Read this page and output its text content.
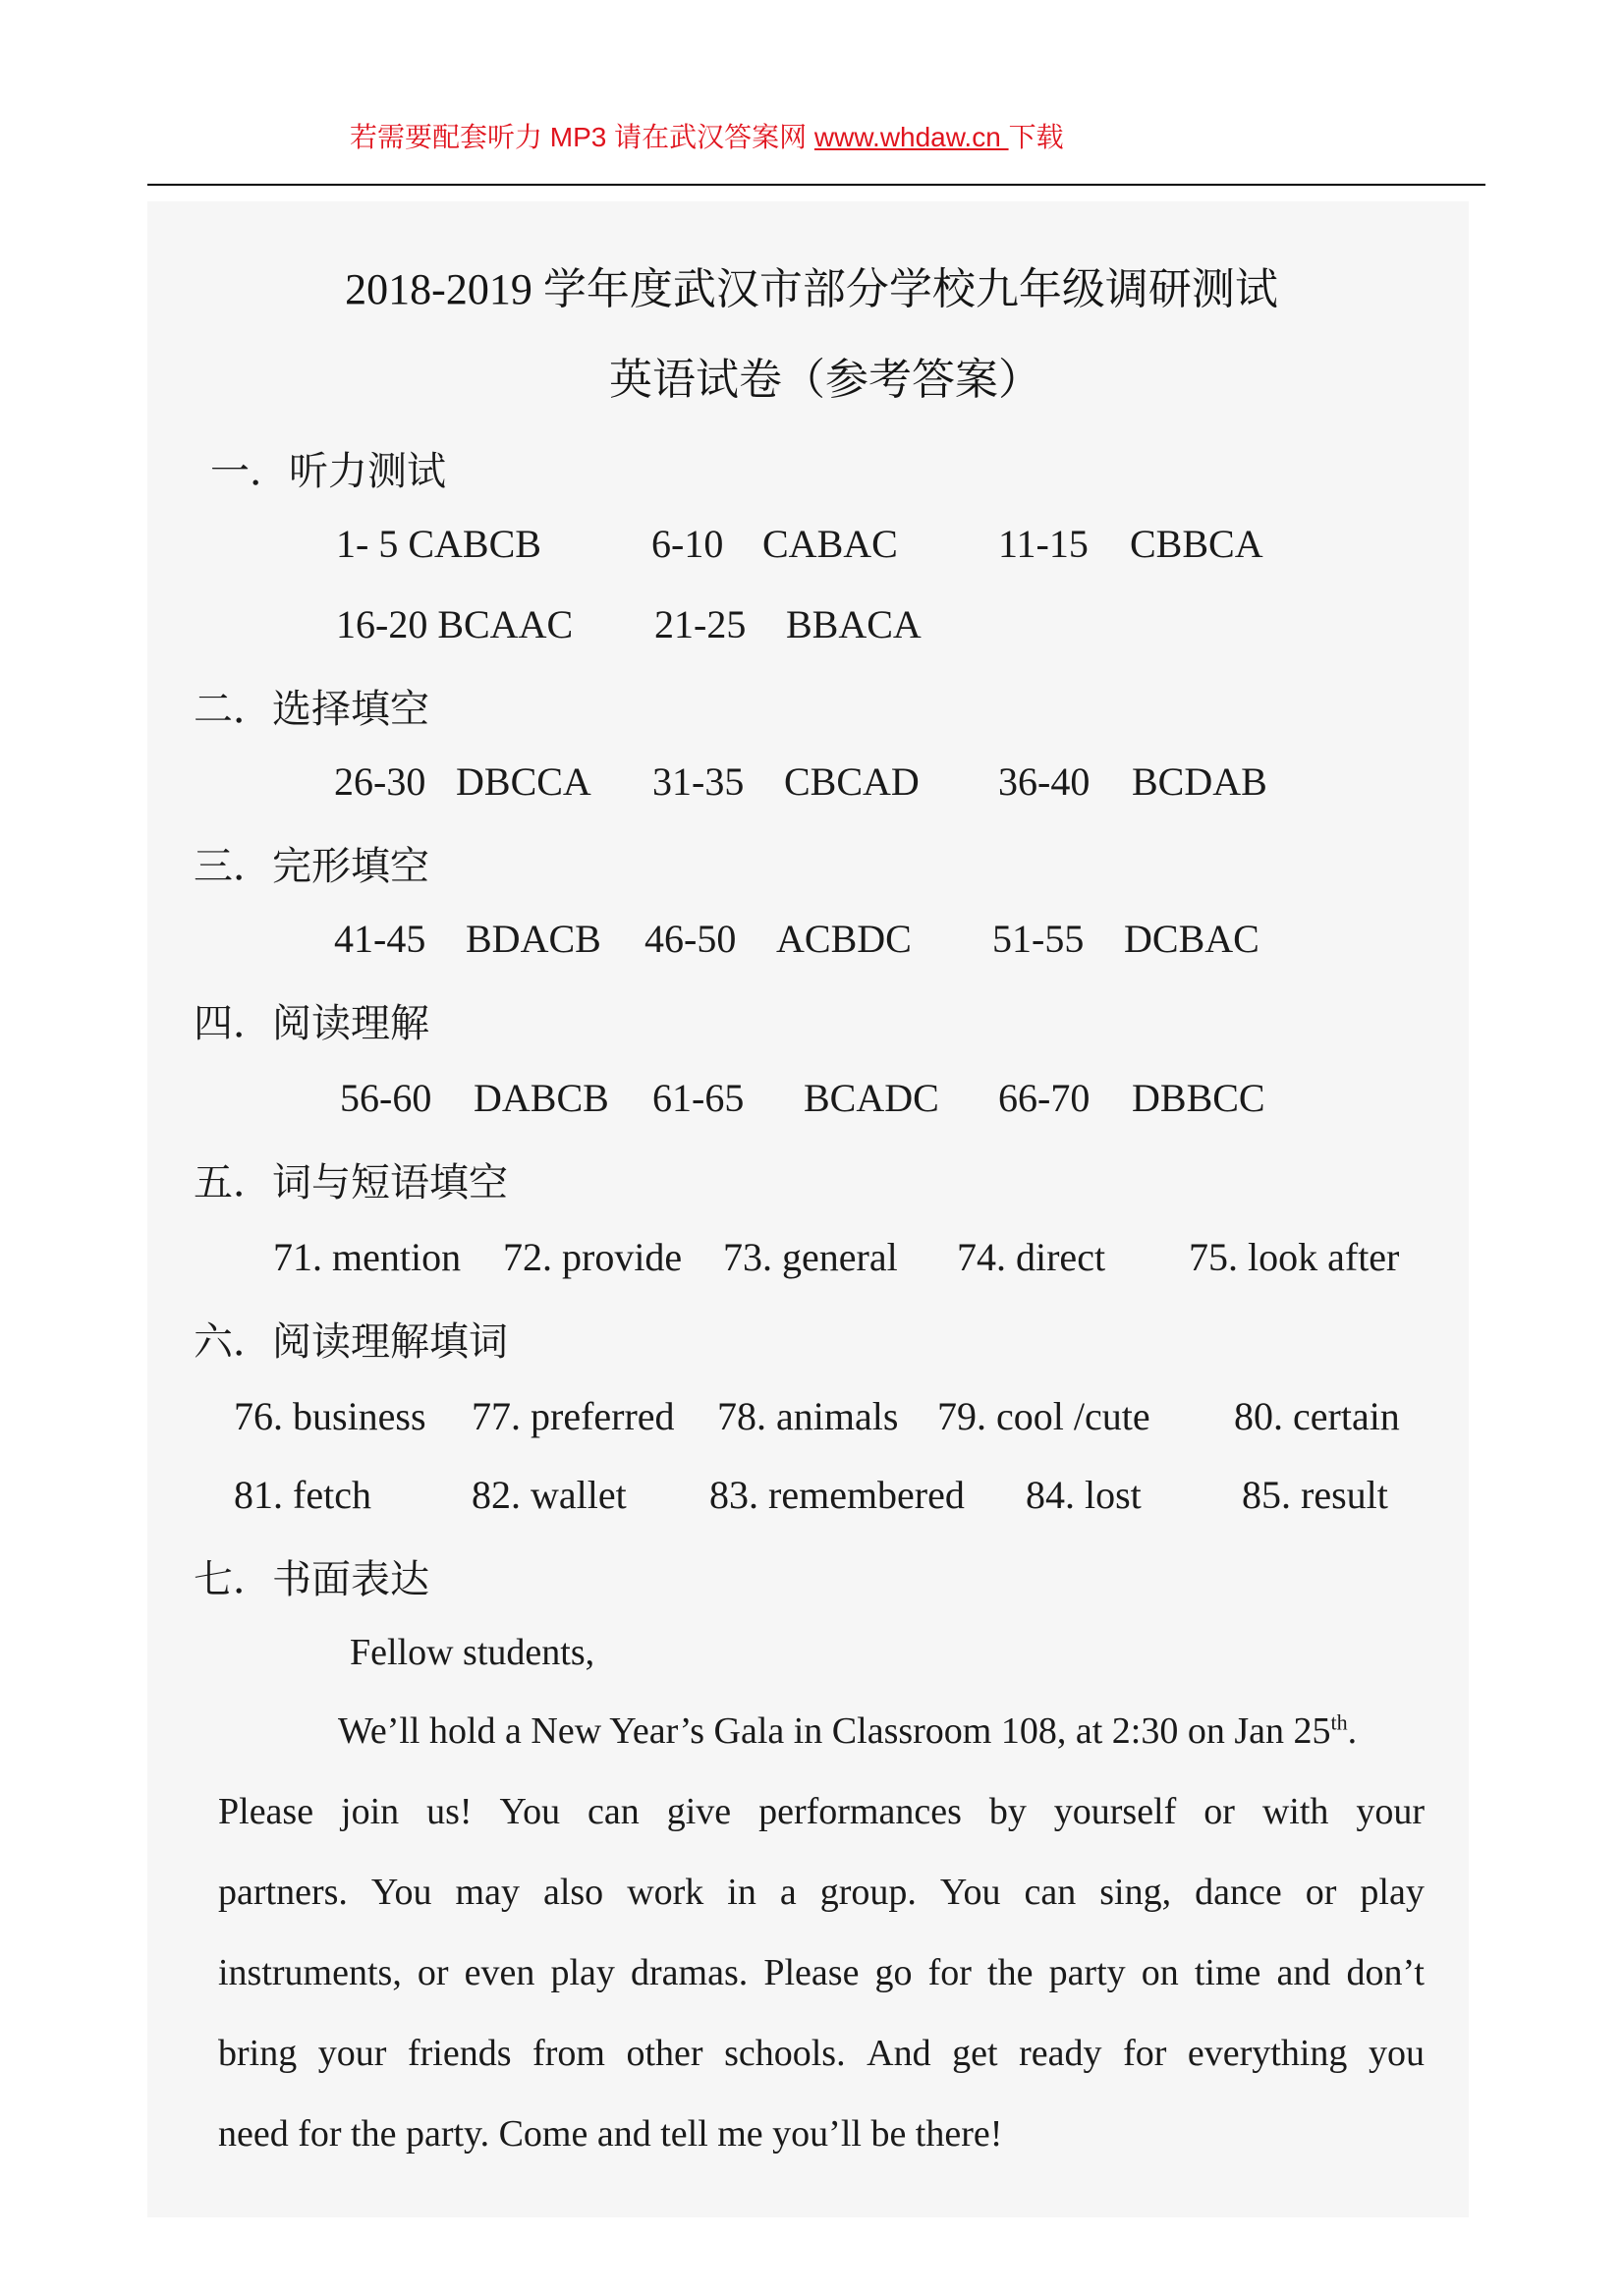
若需要配套听力 MP3 请在武汉答案网 www.whdaw.cn 下载
2018-2019 学年度武汉市部分学校九年级调研测试
英语试卷（参考答案）
一．听力测试
1- 5 CABCB	6-10 CABAC	11-15 CBBCA
16-20 BCAAC 21-25 BBACA
二．选择填空
26-30 DBCCA 31-35 CBCAD 36-40 BCDAB
三．完形填空
41-45 BDACB 46-50 ACBDC 51-55 DCBAC
四．阅读理解
56-60 DABCB 61-65 BCADC 66-70 DBBCC
五．词与短语填空
71. mention 72. provide 73. general 74. direct 75. look after
六．阅读理解填词
76. business 77. preferred 78. animals 79. cool /cute 80. certain
81. fetch	82. wallet 83. remembered 84. lost	85. result
七．书面表达
Fellow students,
We’ll hold a New Year’s Gala in Classroom 108, at 2:30 on Jan 25th.
Please join us! You can give performances by yourself or with your
partners. You may also work in a group. You can sing, dance or play
instruments, or even play dramas. Please go for the party on time and don’t
bring your friends from other schools. And get ready for everything you
need for the party. Come and tell me you’ll be there!
